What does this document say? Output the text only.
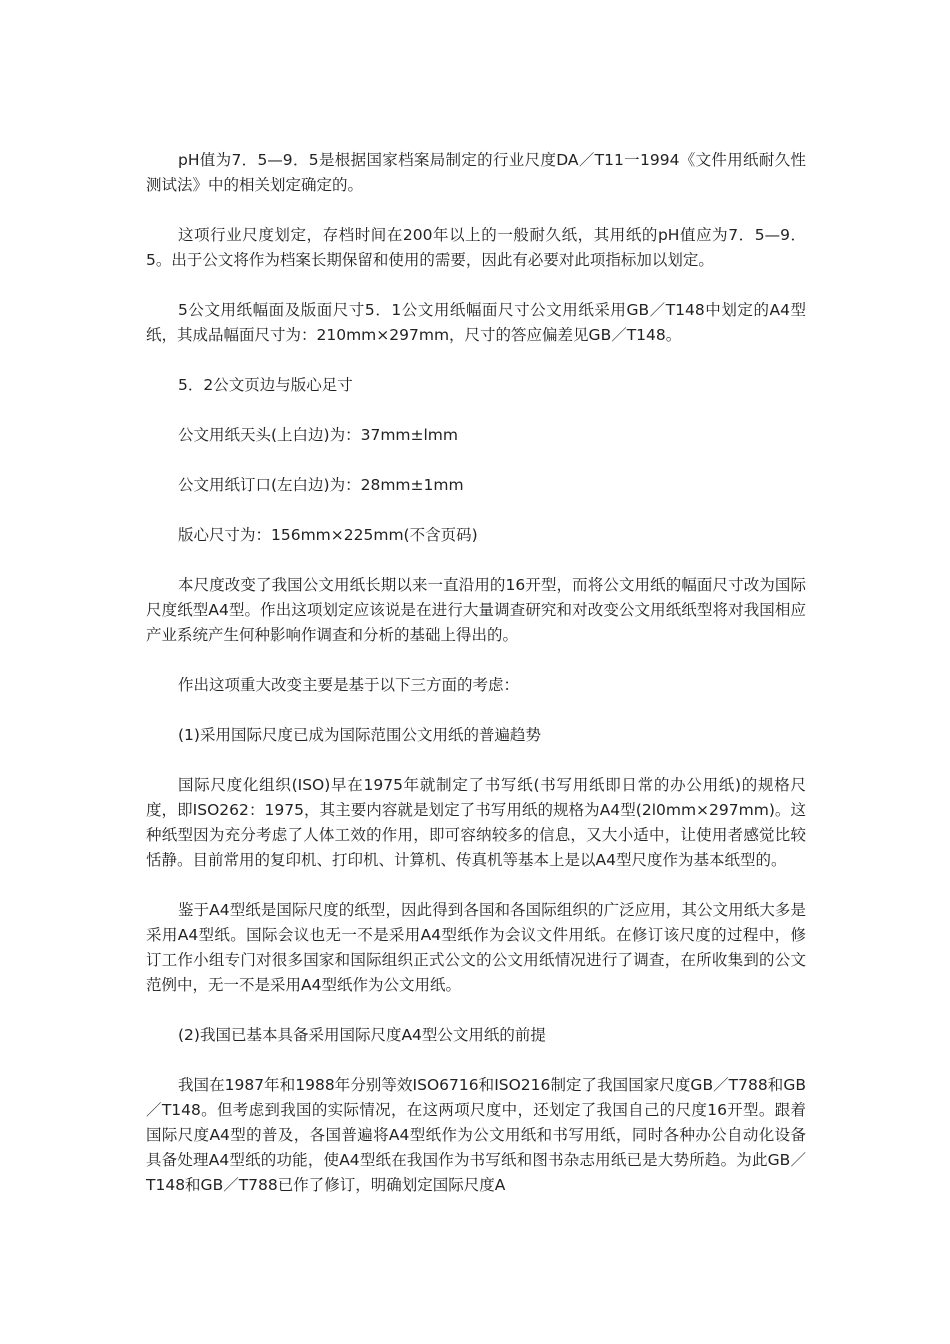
pH值为7．5—9．5是根据国家档案局制定的行业尺度DA／T11一1994《文件用纸耐久性测试法》中的相关划定确定的。

这项行业尺度划定，存档时间在200年以上的一般耐久纸，其用纸的pH值应为7．5—9．5。出于公文将作为档案长期保留和使用的需要，因此有必要对此项指标加以划定。

5公文用纸幅面及版面尺寸5．1公文用纸幅面尺寸公文用纸采用GB／T148中划定的A4型纸，其成品幅面尺寸为：210mm×297mm，尺寸的答应偏差见GB／T148。

5．2公文页边与版心足寸

公文用纸天头(上白边)为：37mm±lmm

公文用纸订口(左白边)为：28mm±1mm

版心尺寸为：156mm×225mm(不含页码)

本尺度改变了我国公文用纸长期以来一直沿用的16开型，而将公文用纸的幅面尺寸改为国际尺度纸型A4型。作出这项划定应该说是在进行大量调查研究和对改变公文用纸纸型将对我国相应产业系统产生何种影响作调查和分析的基础上得出的。

作出这项重大改变主要是基于以下三方面的考虑：

(1)采用国际尺度已成为国际范围公文用纸的普遍趋势

国际尺度化组织(ISO)早在1975年就制定了书写纸(书写用纸即日常的办公用纸)的规格尺度，即ISO262：1975，其主要内容就是划定了书写用纸的规格为A4型(2l0mm×297mm)。这种纸型因为充分考虑了人体工效的作用，即可容纳较多的信息，又大小适中，让使用者感觉比较恬静。目前常用的复印机、打印机、计算机、传真机等基本上是以A4型尺度作为基本纸型的。

鉴于A4型纸是国际尺度的纸型，因此得到各国和各国际组织的广泛应用，其公文用纸大多是采用A4型纸。国际会议也无一不是采用A4型纸作为会议文件用纸。在修订该尺度的过程中，修订工作小组专门对很多国家和国际组织正式公文的公文用纸情况进行了调查，在所收集到的公文范例中，无一不是采用A4型纸作为公文用纸。

(2)我国已基本具备采用国际尺度A4型公文用纸的前提

我国在1987年和1988年分别等效ISO6716和ISO216制定了我国国家尺度GB／T788和GB／T148。但考虑到我国的实际情况，在这两项尺度中，还划定了我国自己的尺度16开型。跟着国际尺度A4型的普及，各国普遍将A4型纸作为公文用纸和书写用纸，同时各种办公自动化设备具备处理A4型纸的功能，使A4型纸在我国作为书写纸和图书杂志用纸已是大势所趋。为此GB／T148和GB／T788已作了修订，明确划定国际尺度A
